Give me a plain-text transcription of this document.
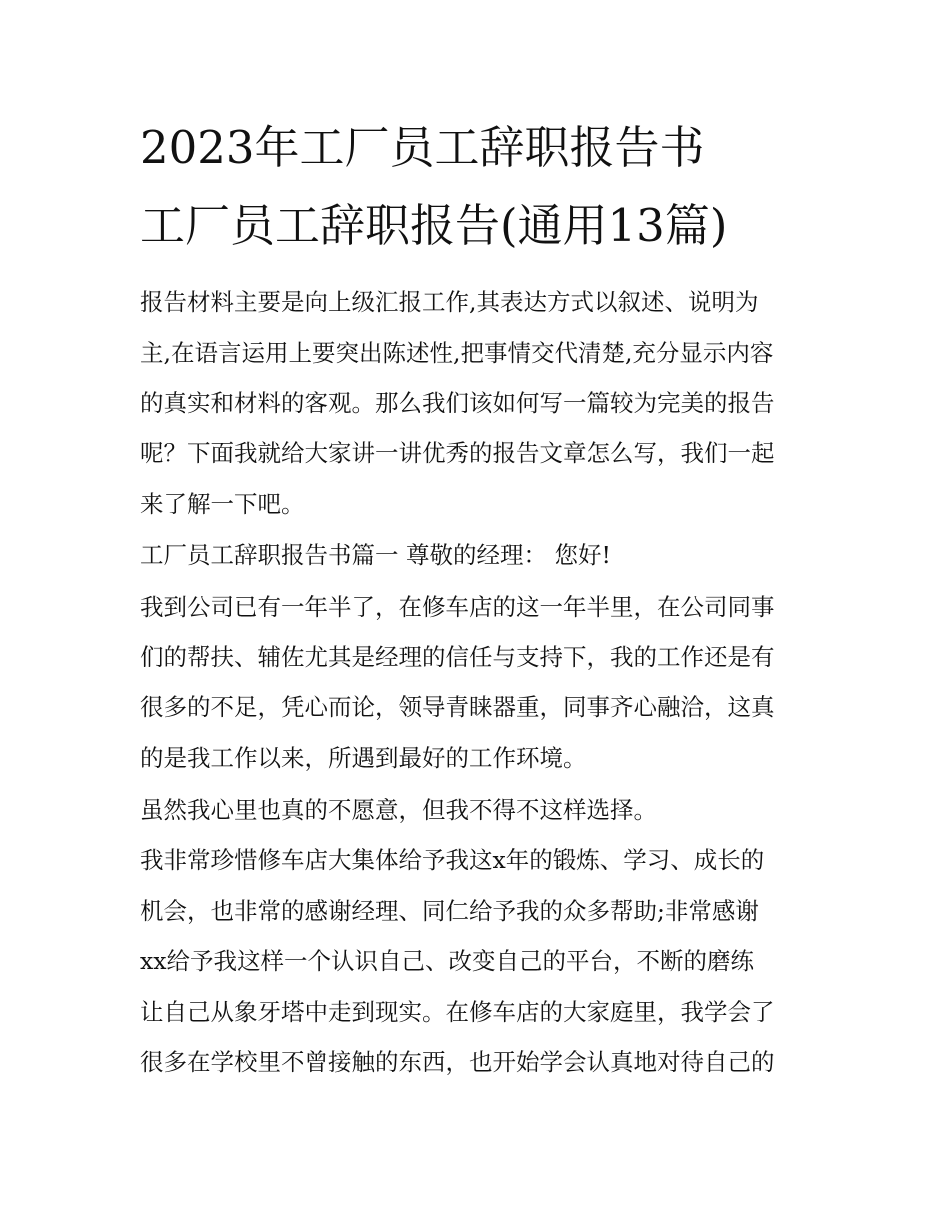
2023年工厂员工辞职报告书
工厂员工辞职报告(通用13篇)

报告材料主要是向上级汇报工作,其表达方式以叙述、说明为

主,在语言运用上要突出陈述性,把事情交代清楚,充分显示内容

的真实和材料的客观。那么我们该如何写一篇较为完美的报告

呢？下面我就给大家讲一讲优秀的报告文章怎么写，我们一起

来了解一下吧。

工厂员工辞职报告书篇一 尊敬的经理： 您好!

我到公司已有一年半了，在修车店的这一年半里，在公司同事

们的帮扶、辅佐尤其是经理的信任与支持下，我的工作还是有

很多的不足，凭心而论，领导青睐器重，同事齐心融洽，这真

的是我工作以来，所遇到最好的工作环境。

虽然我心里也真的不愿意，但我不得不这样选择。

我非常珍惜修车店大集体给予我这x年的锻炼、学习、成长的

机会，也非常的感谢经理、同仁给予我的众多帮助;非常感谢

xx给予我这样一个认识自己、改变自己的平台，不断的磨练

让自己从象牙塔中走到现实。在修车店的大家庭里，我学会了

很多在学校里不曾接触的东西，也开始学会认真地对待自己的
